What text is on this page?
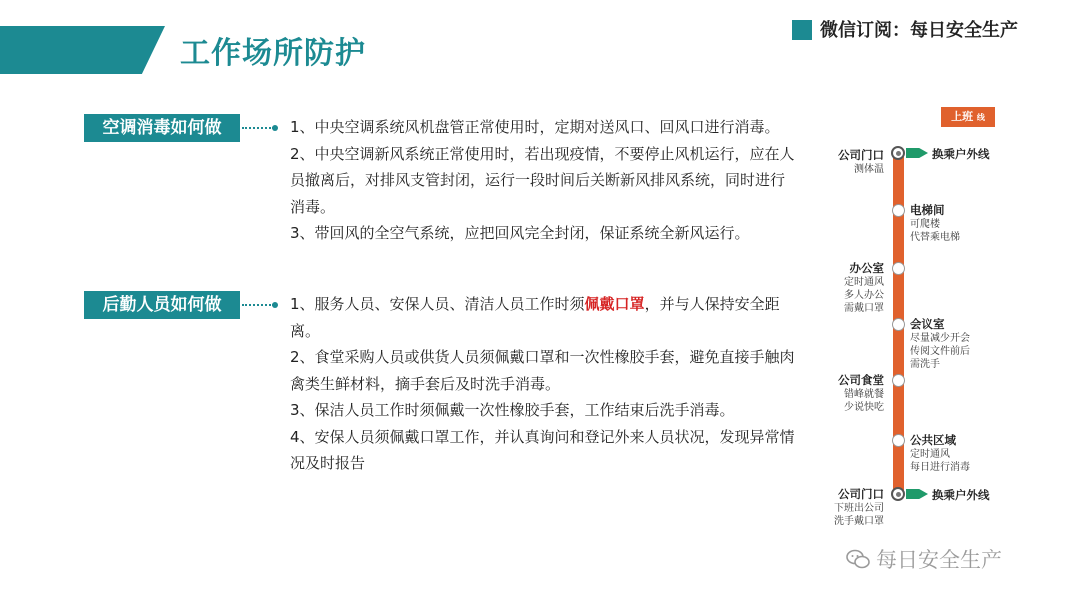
工作场所防护
微信订阅：每日安全生产
空调消毒如何做	1、中央空调系统风机盘管正常使用时，定期对送风口、回风口进行消毒。

2、中央空调新风系统正常使用时，若出现疫情，不要停止风机运行，应在人员撤离后，对排风支管封闭，运行一段时间后关断新风排风系统，同时进行消毒。

3、带回风的全空气系统，应把回风完全封闭，保证系统全新风运行。

后勤人员如何做	1、服务人员、安保人员、清洁人员工作时须佩戴口罩，并与人保持安全距离。

2、食堂采购人员或供货人员须佩戴口罩和一次性橡胶手套，避免直接手触肉禽类生鲜材料，摘手套后及时洗手消毒。

3、保洁人员工作时须佩戴一次性橡胶手套，工作结束后洗手消毒。

4、安保人员须佩戴口罩工作，并认真询问和登记外来人员状况，发现异常情况及时报告

上班 线
公司门口
测体温
换乘户外线
电梯间
可爬楼
代替乘电梯
办公室
定时通风
多人办公
需戴口罩
会议室
尽量减少开会
传阅文件前后
需洗手
公司食堂
错峰就餐
少说快吃
公共区域
定时通风
每日进行消毒
公司门口
下班出公司
洗手戴口罩
换乘户外线
每日安全生产
